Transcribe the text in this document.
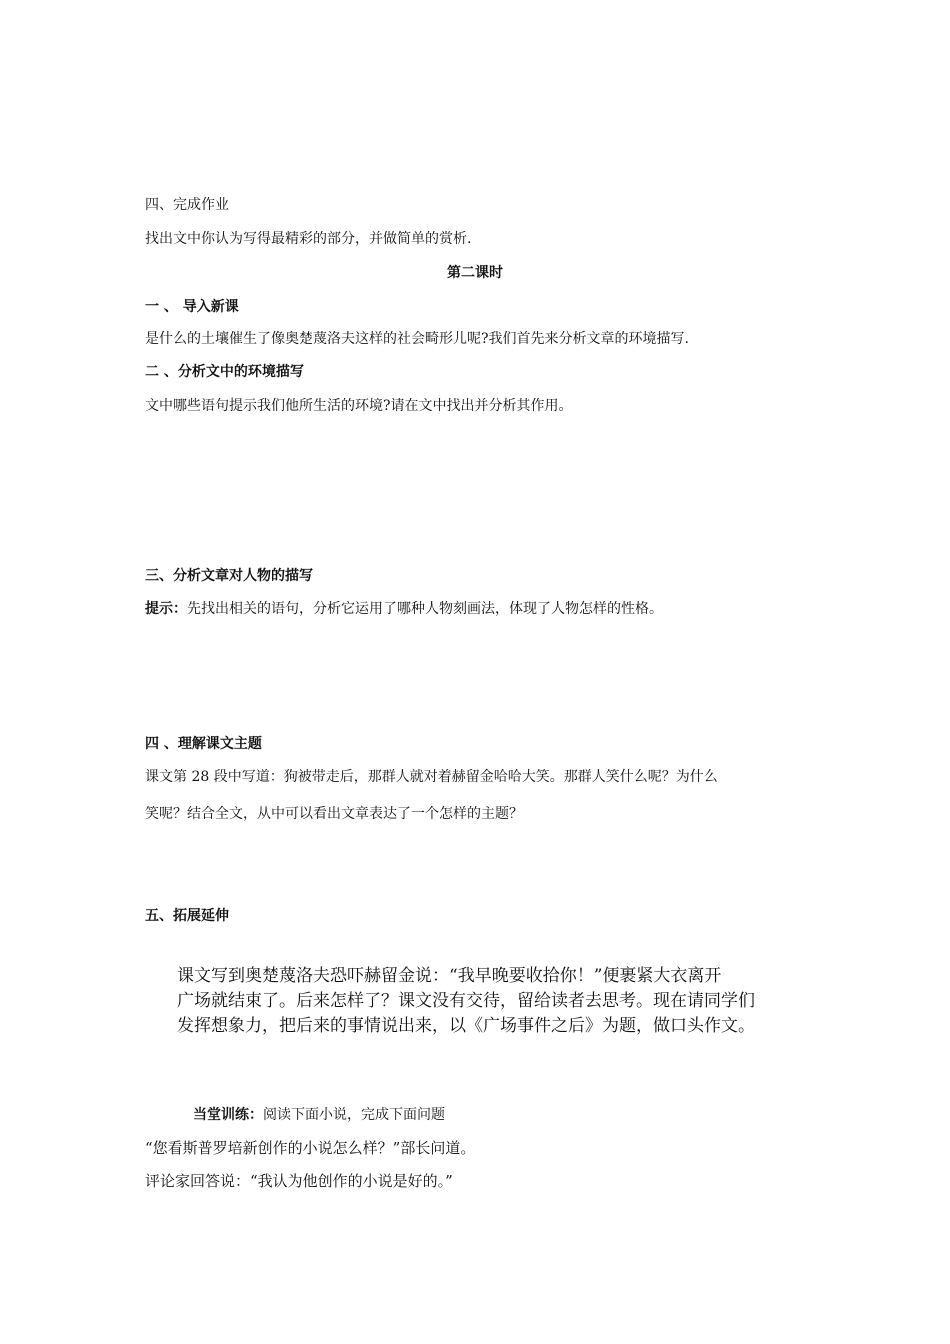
四、完成作业
找出文中你认为写得最精彩的部分，并做简单的赏析.
第二课时
一 、 导入新课
是什么的土壤催生了像奥楚蔑洛夫这样的社会畸形儿呢?我们首先来分析文章的环境描写.
二 、分析文中的环境描写
文中哪些语句提示我们他所生活的环境?请在文中找出并分析其作用。
三、分析文章对人物的描写
提示：先找出相关的语句，分析它运用了哪种人物刻画法，体现了人物怎样的性格。
四 、理解课文主题
课文第 28 段中写道：狗被带走后，那群人就对着赫留金哈哈大笑。那群人笑什么呢？为什么
笑呢？结合全文，从中可以看出文章表达了一个怎样的主题？
五、拓展延伸
课文写到奥楚蔑洛夫恐吓赫留金说：“我早晚要收拾你！”便裹紧大衣离开
广场就结束了。后来怎样了？课文没有交待，留给读者去思考。现在请同学们
发挥想象力，把后来的事情说出来，以《广场事件之后》为题，做口头作文。
当堂训练：阅读下面小说，完成下面问题
“您看斯普罗培新创作的小说怎么样？”部长问道。
评论家回答说：“我认为他创作的小说是好的。”
